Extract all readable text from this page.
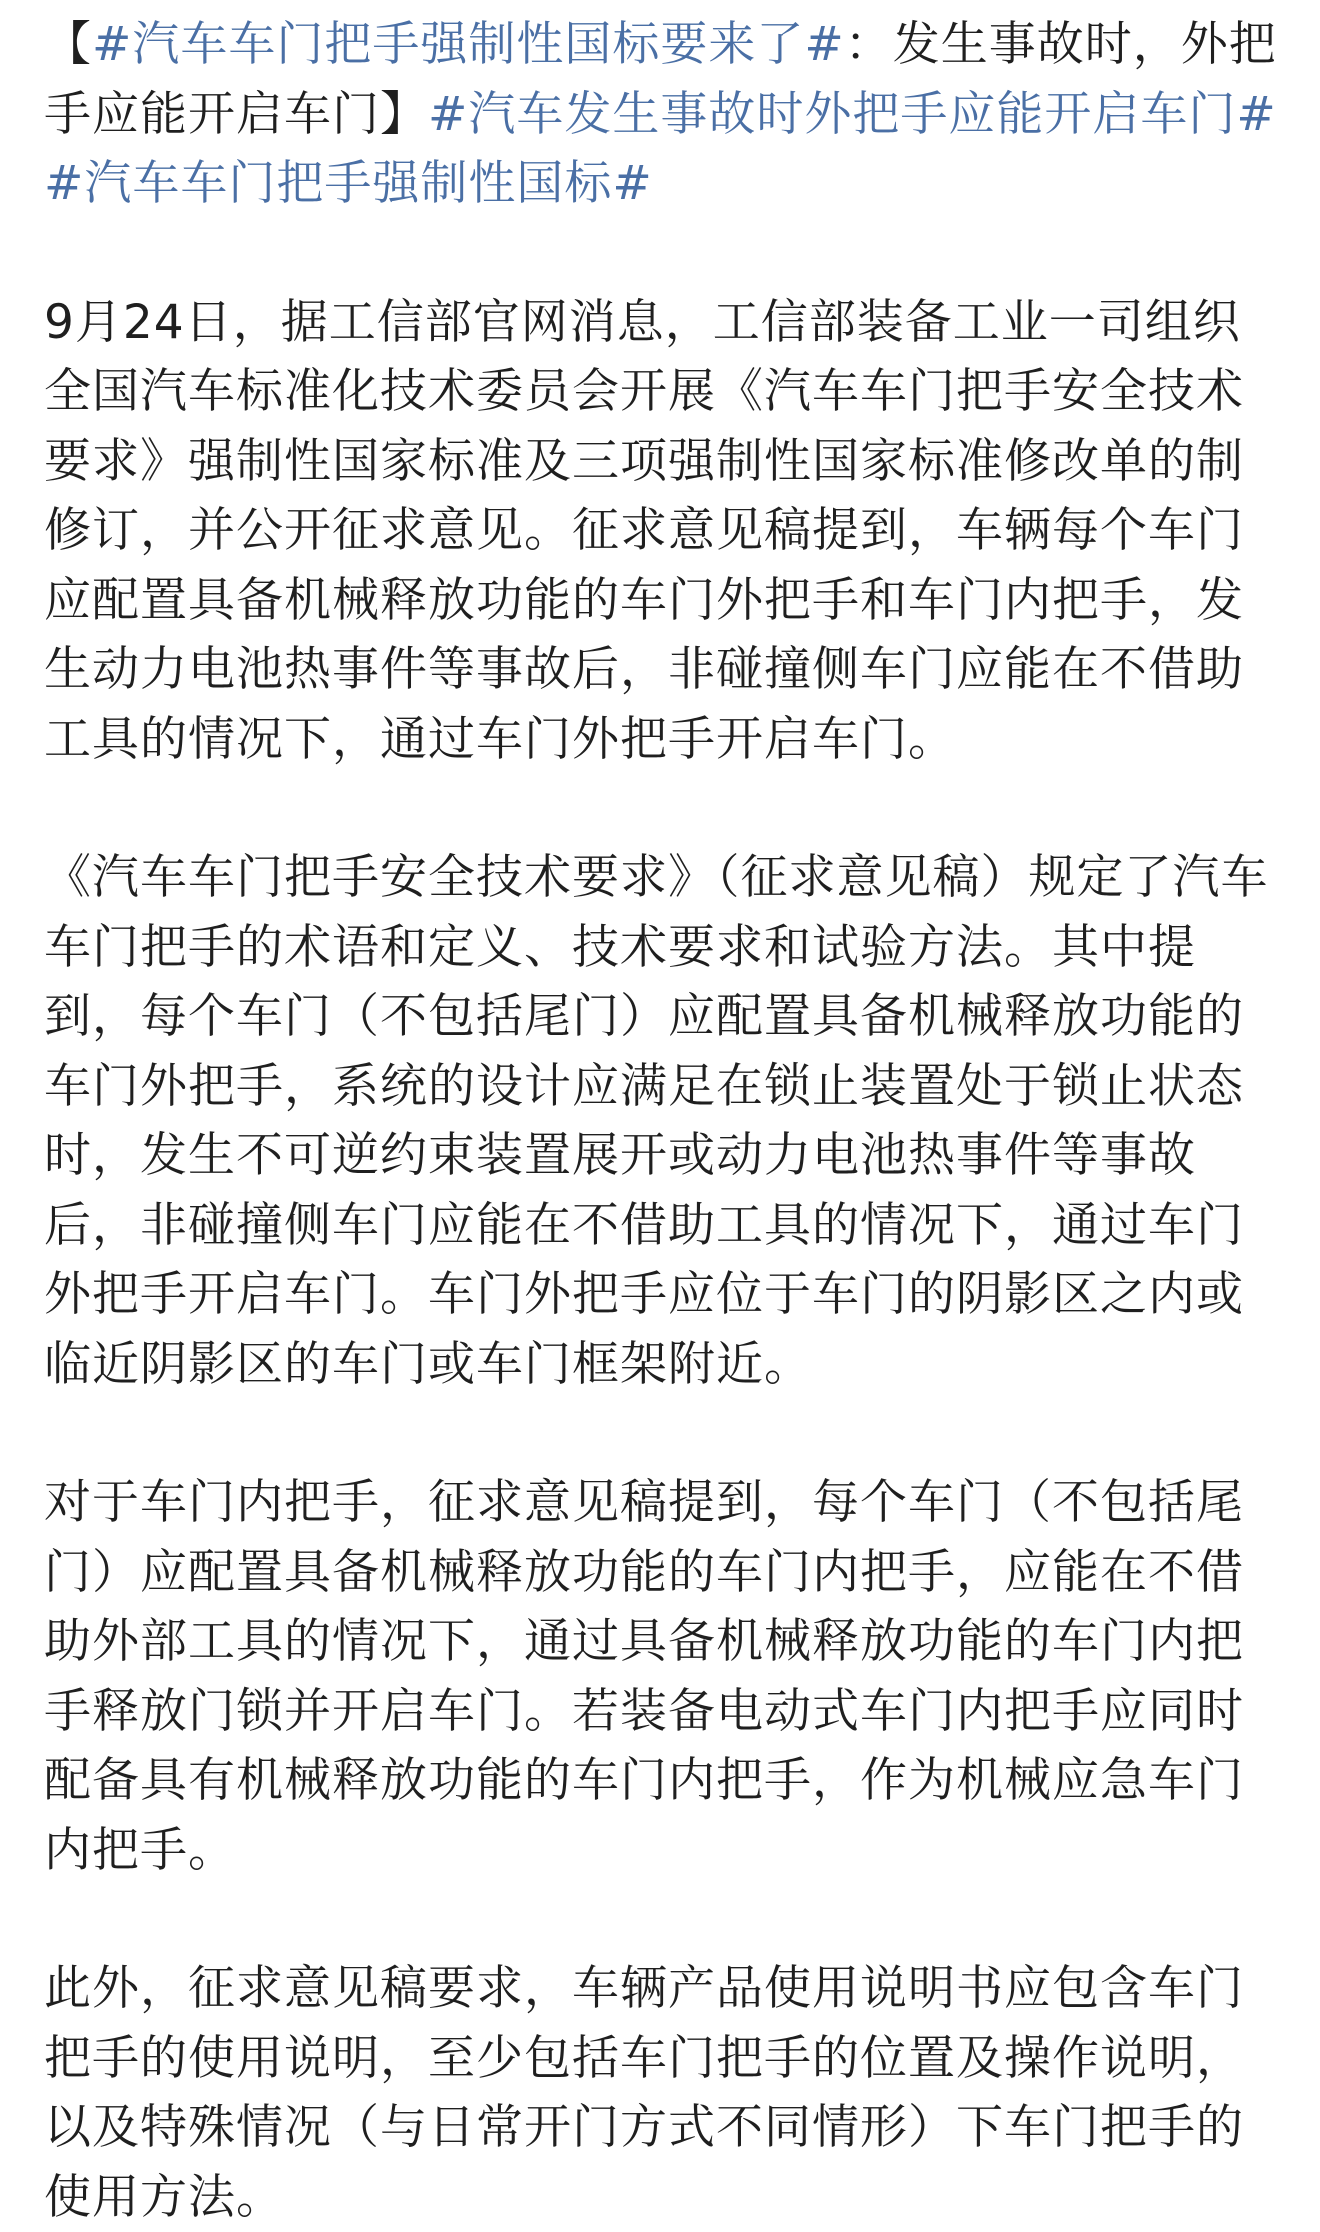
【#汽车车门把手强制性国标要来了#：发生事故时，外把手应能开启车门】#汽车发生事故时外把手应能开启车门##汽车车门把手强制性国标#

9月24日，据工信部官网消息，工信部装备工业一司组织全国汽车标准化技术委员会开展《汽车车门把手安全技术要求》强制性国家标准及三项强制性国家标准修改单的制修订，并公开征求意见。征求意见稿提到，车辆每个车门应配置具备机械释放功能的车门外把手和车门内把手，发生动力电池热事件等事故后，非碰撞侧车门应能在不借助工具的情况下，通过车门外把手开启车门。

《汽车车门把手安全技术要求》（征求意见稿）规定了汽车车门把手的术语和定义、技术要求和试验方法。其中提到，每个车门（不包括尾门）应配置具备机械释放功能的车门外把手，系统的设计应满足在锁止装置处于锁止状态时，发生不可逆约束装置展开或动力电池热事件等事故后，非碰撞侧车门应能在不借助工具的情况下，通过车门外把手开启车门。车门外把手应位于车门的阴影区之内或临近阴影区的车门或车门框架附近。

对于车门内把手，征求意见稿提到，每个车门（不包括尾门）应配置具备机械释放功能的车门内把手，应能在不借助外部工具的情况下，通过具备机械释放功能的车门内把手释放门锁并开启车门。若装备电动式车门内把手应同时配备具有机械释放功能的车门内把手，作为机械应急车门内把手。

此外，征求意见稿要求，车辆产品使用说明书应包含车门把手的使用说明，至少包括车门把手的位置及操作说明，以及特殊情况（与日常开门方式不同情形）下车门把手的使用方法。
